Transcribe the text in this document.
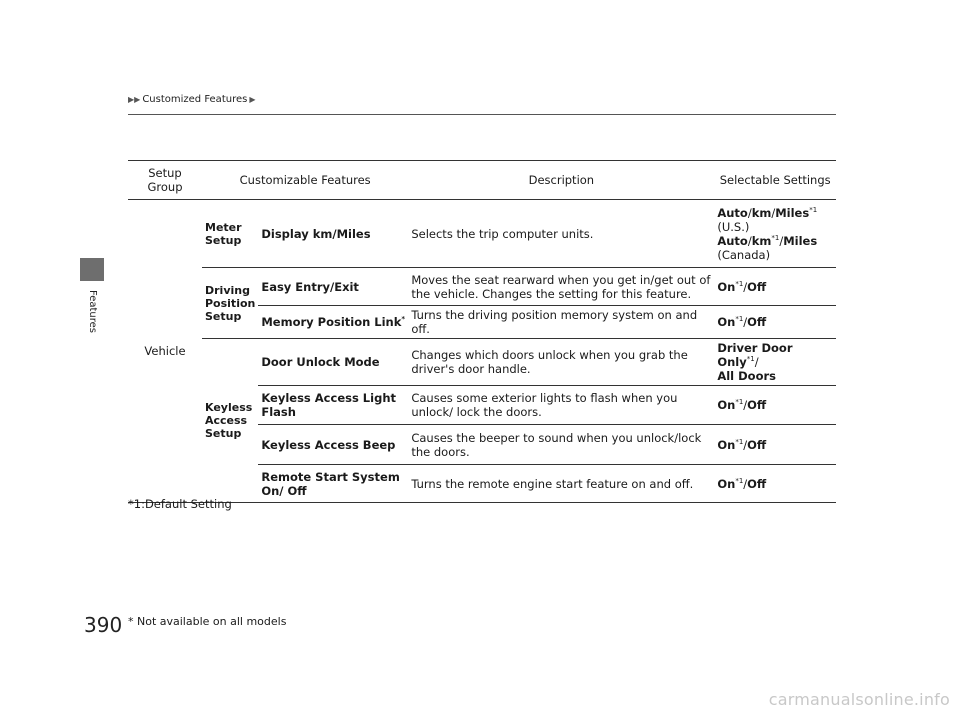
Features
▶▶ Customized Features ▶
Setup Group	Customizable Features		Description	Selectable Settings
Vehicle	Meter Setup	Display km/Miles	Selects the trip computer units.	Auto/km/Miles$^{*1}$
(U.S.)
Auto/$km^{*1}$/Miles
(Canada)
	Driving Position Setup	Easy Entry/Exit	Moves the seat rearward when you get in/get out of the vehicle. Changes the setting for this feature.	On$^{*1}$/Off
		Memory Position Link*	Turns the driving position memory system on and off.	On$^{*1}$/Off
	Keyless Access Setup	Door Unlock Mode	Changes which doors unlock when you grab the driver's door handle.	Driver Door Only$^{*1}$/
All Doors
		Keyless Access Light Flash	Causes some exterior lights to flash when you unlock/ lock the doors.	On$^{*1}$/Off
		Keyless Access Beep	Causes the beeper to sound when you unlock/lock the doors.	On$^{*1}$/Off
		Remote Start System On/ Off	Turns the remote engine start feature on and off.	On$^{*1}$/Off
*1:Default Setting
390 * Not available on all models
carmanualsonline.info
